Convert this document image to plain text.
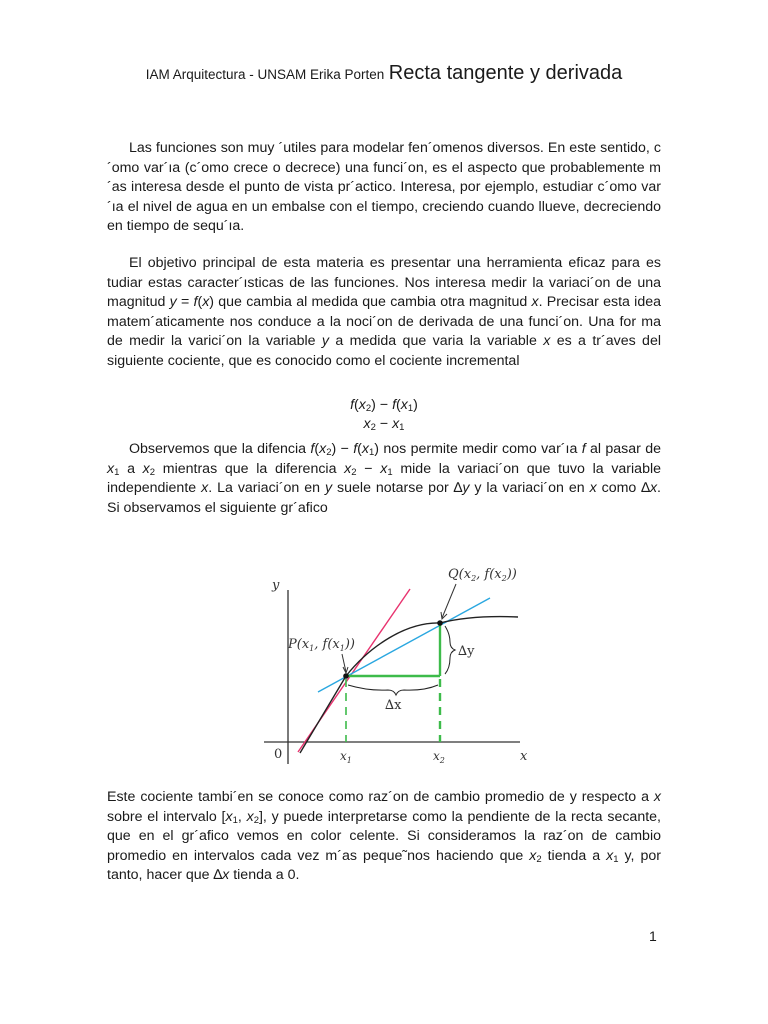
IAM Arquitectura - UNSAM Erika Porten Recta tangente y derivada
Las funciones son muy ´utiles para modelar fen´omenos diversos. En este sentido, c´omo var´ıa (c´omo crece o decrece) una funci´on, es el aspecto que probablemente m´as interesa desde el punto de vista pr´actico. Interesa, por ejemplo, estudiar c´omo var´ıa el nivel de agua en un embalse con el tiempo, creciendo cuando llueve, decreciendo en tiempo de sequ´ıa.
El objetivo principal de esta materia es presentar una herramienta eficaz para es tudiar estas caracter´ısticas de las funciones. Nos interesa medir la variaci´on de una magnitud y = f(x) que cambia al medida que cambia otra magnitud x. Precisar esta idea matem´aticamente nos conduce a la noci´on de derivada de una funci´on. Una for ma de medir la varici´on la variable y a medida que varia la variable x es a tr´aves del siguiente cociente, que es conocido como el cociente incremental
$f(x_2) - f(x_1)$
$x_2 - x_1$
Observemos que la difencia $f(x_2) - f(x_1)$ nos permite medir como var´ıa f al pasar de $x_1$ a $x_2$ mientras que la diferencia $x_2 - x_1$ mide la variaci´on que tuvo la variable independiente x. La variaci´on en y suele notarse por ∆y y la variaci´on en x como ∆x. Si observamos el siguiente gr´afico
y
x
0	$x_1$	$x_2$
$P(x_1$, $f(x_1)$)
$Q(x_2$, $f(x_2)$)
∆x
∆y
Este cociente tambi´en se conoce como raz´on de cambio promedio de y respecto a x sobre el intervalo [$x_1$, $x_2$], y puede interpretarse como la pendiente de la recta secante, que en el gr´afico vemos en color celente. Si consideramos la raz´on de cambio promedio en intervalos cada vez m´as peque˜nos haciendo que $x_2$ tienda a $x_1$ y, por tanto, hacer que ∆x tienda a 0.
1
